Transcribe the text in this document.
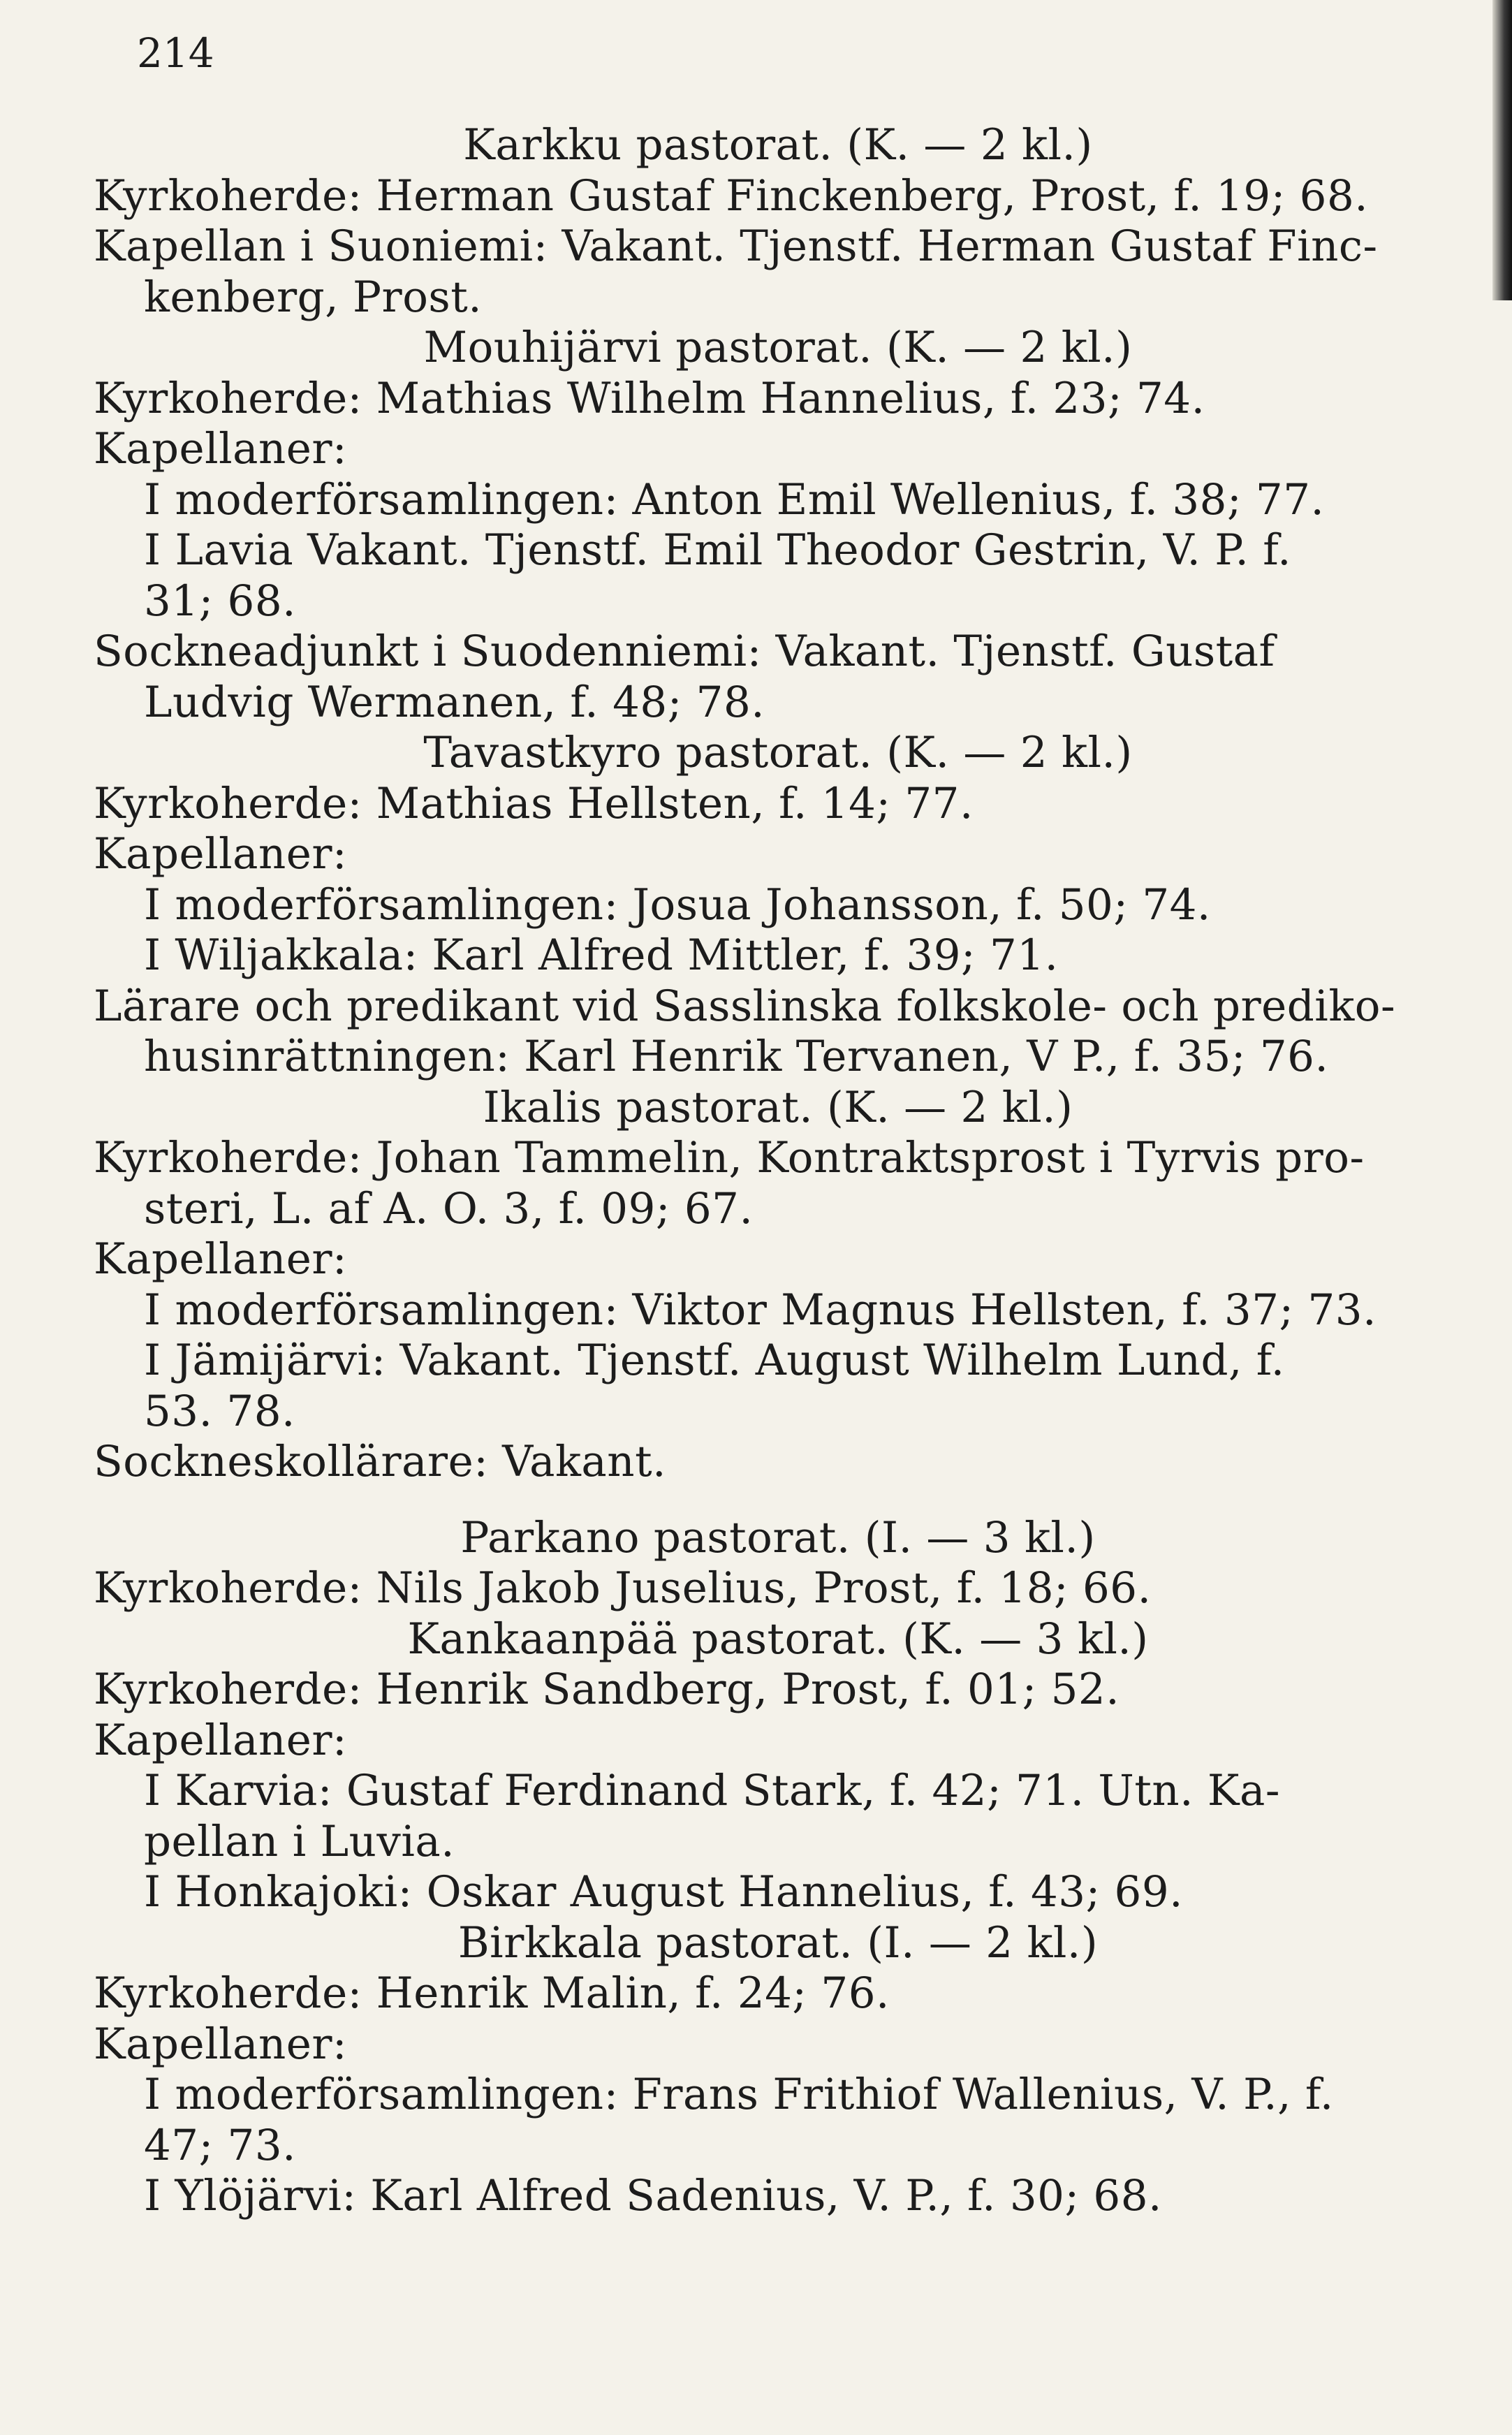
214
Karkku pastorat. (K. — 2 kl.)
Kyrkoherde: Herman Gustaf Finckenberg, Prost, f. 19; 68.
Kapellan i Suoniemi: Vakant. Tjenstf. Herman Gustaf Finc-
kenberg, Prost.
Mouhijärvi pastorat. (K. — 2 kl.)
Kyrkoherde: Mathias Wilhelm Hannelius, f. 23; 74.
Kapellaner:
I moderförsamlingen: Anton Emil Wellenius, f. 38; 77.
I Lavia Vakant. Tjenstf. Emil Theodor Gestrin, V. P. f.
31; 68.
Sockneadjunkt i Suodenniemi: Vakant. Tjenstf. Gustaf
Ludvig Wermanen, f. 48; 78.
Tavastkyro pastorat. (K. — 2 kl.)
Kyrkoherde: Mathias Hellsten, f. 14; 77.
Kapellaner:
I moderförsamlingen: Josua Johansson, f. 50; 74.
I Wiljakkala: Karl Alfred Mittler, f. 39; 71.
Lärare och predikant vid Sasslinska folkskole- och prediko-
husinrättningen: Karl Henrik Tervanen, V P., f. 35; 76.
Ikalis pastorat. (K. — 2 kl.)
Kyrkoherde: Johan Tammelin, Kontraktsprost i Tyrvis pro-
steri, L. af A. O. 3, f. 09; 67.
Kapellaner:
I moderförsamlingen: Viktor Magnus Hellsten, f. 37; 73.
I Jämijärvi: Vakant. Tjenstf. August Wilhelm Lund, f.
53. 78.
Sockneskollärare: Vakant.
Parkano pastorat. (I. — 3 kl.)
Kyrkoherde: Nils Jakob Juselius, Prost, f. 18; 66.
Kankaanpää pastorat. (K. — 3 kl.)
Kyrkoherde: Henrik Sandberg, Prost, f. 01; 52.
Kapellaner:
I Karvia: Gustaf Ferdinand Stark, f. 42; 71. Utn. Ka-
pellan i Luvia.
I Honkajoki: Oskar August Hannelius, f. 43; 69.
Birkkala pastorat. (I. — 2 kl.)
Kyrkoherde: Henrik Malin, f. 24; 76.
Kapellaner:
I moderförsamlingen: Frans Frithiof Wallenius, V. P., f.
47; 73.
I Ylöjärvi: Karl Alfred Sadenius, V. P., f. 30; 68.
